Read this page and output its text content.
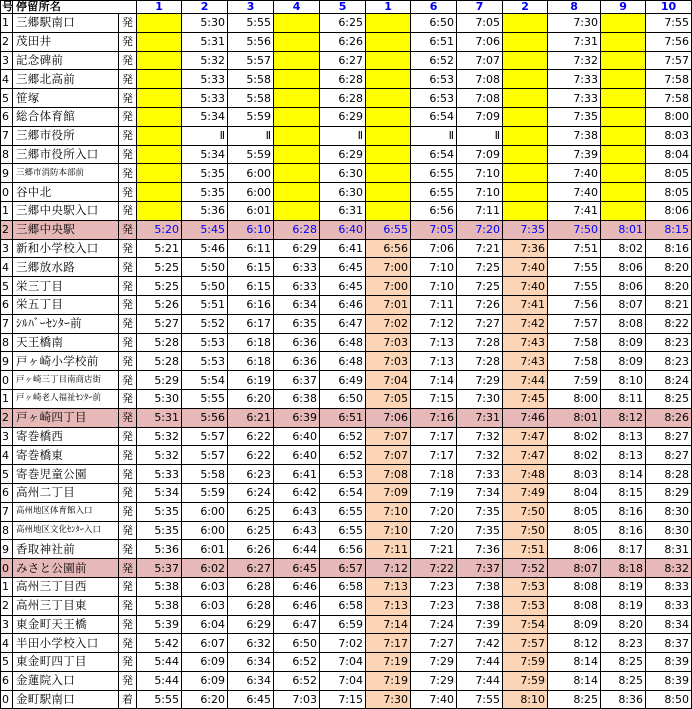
号	停留所名		1	2	3	4	5	1	6	7	2	8	9	10
1	三郷駅南口	発		5:30	5:55		6:25		6:50	7:05		7:30		7:55
2	茂田井	発		5:31	5:56		6:26		6:51	7:06		7:31		7:56
3	記念碑前	発		5:32	5:57		6:27		6:52	7:07		7:32		7:57
4	三郷北高前	発		5:33	5:58		6:28		6:53	7:08		7:33		7:58
5	笹塚	発		5:33	5:58		6:28		6:53	7:08		7:33		7:58
6	総合体育館	発		5:34	5:59		6:29		6:54	7:09		7:35		8:00
7	三郷市役所	発		Ⅱ	Ⅱ		Ⅱ		Ⅱ	Ⅱ		7:38		8:03
8	三郷市役所入口	発		5:34	5:59		6:29		6:54	7:09		7:39		8:04
9	三郷市消防本部前	発		5:35	6:00		6:30		6:55	7:10		7:40		8:05
0	谷中北	発		5:35	6:00		6:30		6:55	7:10		7:40		8:05
1	三郷中央駅入口	発		5:36	6:01		6:31		6:56	7:11		7:41		8:06
2	三郷中央駅	発	5:20	5:45	6:10	6:28	6:40	6:55	7:05	7:20	7:35	7:50	8:01	8:15
3	新和小学校入口	発	5:21	5:46	6:11	6:29	6:41	6:56	7:06	7:21	7:36	7:51	8:02	8:16
4	三郷放水路	発	5:25	5:50	6:15	6:33	6:45	7:00	7:10	7:25	7:40	7:55	8:06	8:20
5	栄三丁目	発	5:25	5:50	6:15	6:33	6:45	7:00	7:10	7:25	7:40	7:55	8:06	8:20
6	栄五丁目	発	5:26	5:51	6:16	6:34	6:46	7:01	7:11	7:26	7:41	7:56	8:07	8:21
7	ｼﾙﾊﾞｰｾﾝﾀｰ前	発	5:27	5:52	6:17	6:35	6:47	7:02	7:12	7:27	7:42	7:57	8:08	8:22
8	天王橋南	発	5:28	5:53	6:18	6:36	6:48	7:03	7:13	7:28	7:43	7:58	8:09	8:23
9	戸ヶ崎小学校前	発	5:28	5:53	6:18	6:36	6:48	7:03	7:13	7:28	7:43	7:58	8:09	8:23
0	戸ヶ崎三丁目南商店街	発	5:29	5:54	6:19	6:37	6:49	7:04	7:14	7:29	7:44	7:59	8:10	8:24
1	戸ヶ崎老人福祉ｾﾝﾀｰ前	発	5:30	5:55	6:20	6:38	6:50	7:05	7:15	7:30	7:45	8:00	8:11	8:25
2	戸ヶ崎四丁目	発	5:31	5:56	6:21	6:39	6:51	7:06	7:16	7:31	7:46	8:01	8:12	8:26
3	寄巻橋西	発	5:32	5:57	6:22	6:40	6:52	7:07	7:17	7:32	7:47	8:02	8:13	8:27
4	寄巻橋東	発	5:32	5:57	6:22	6:40	6:52	7:07	7:17	7:32	7:47	8:02	8:13	8:27
5	寄巻児童公園	発	5:33	5:58	6:23	6:41	6:53	7:08	7:18	7:33	7:48	8:03	8:14	8:28
6	高州二丁目	発	5:34	5:59	6:24	6:42	6:54	7:09	7:19	7:34	7:49	8:04	8:15	8:29
7	高州地区体育館入口	発	5:35	6:00	6:25	6:43	6:55	7:10	7:20	7:35	7:50	8:05	8:16	8:30
8	高州地区文化ｾﾝﾀｰ入口	発	5:35	6:00	6:25	6:43	6:55	7:10	7:20	7:35	7:50	8:05	8:16	8:30
9	香取神社前	発	5:36	6:01	6:26	6:44	6:56	7:11	7:21	7:36	7:51	8:06	8:17	8:31
0	みさと公園前	発	5:37	6:02	6:27	6:45	6:57	7:12	7:22	7:37	7:52	8:07	8:18	8:32
1	高州三丁目西	発	5:38	6:03	6:28	6:46	6:58	7:13	7:23	7:38	7:53	8:08	8:19	8:33
2	高州三丁目東	発	5:38	6:03	6:28	6:46	6:58	7:13	7:23	7:38	7:53	8:08	8:19	8:33
3	東金町天王橋	発	5:39	6:04	6:29	6:47	6:59	7:14	7:24	7:39	7:54	8:09	8:20	8:34
4	半田小学校入口	発	5:42	6:07	6:32	6:50	7:02	7:17	7:27	7:42	7:57	8:12	8:23	8:37
5	東金町四丁目	発	5:44	6:09	6:34	6:52	7:04	7:19	7:29	7:44	7:59	8:14	8:25	8:39
6	金蓮院入口	発	5:44	6:09	6:34	6:52	7:04	7:19	7:29	7:44	7:59	8:14	8:25	8:39
0	金町駅南口	着	5:55	6:20	6:45	7:03	7:15	7:30	7:40	7:55	8:10	8:25	8:36	8:50
